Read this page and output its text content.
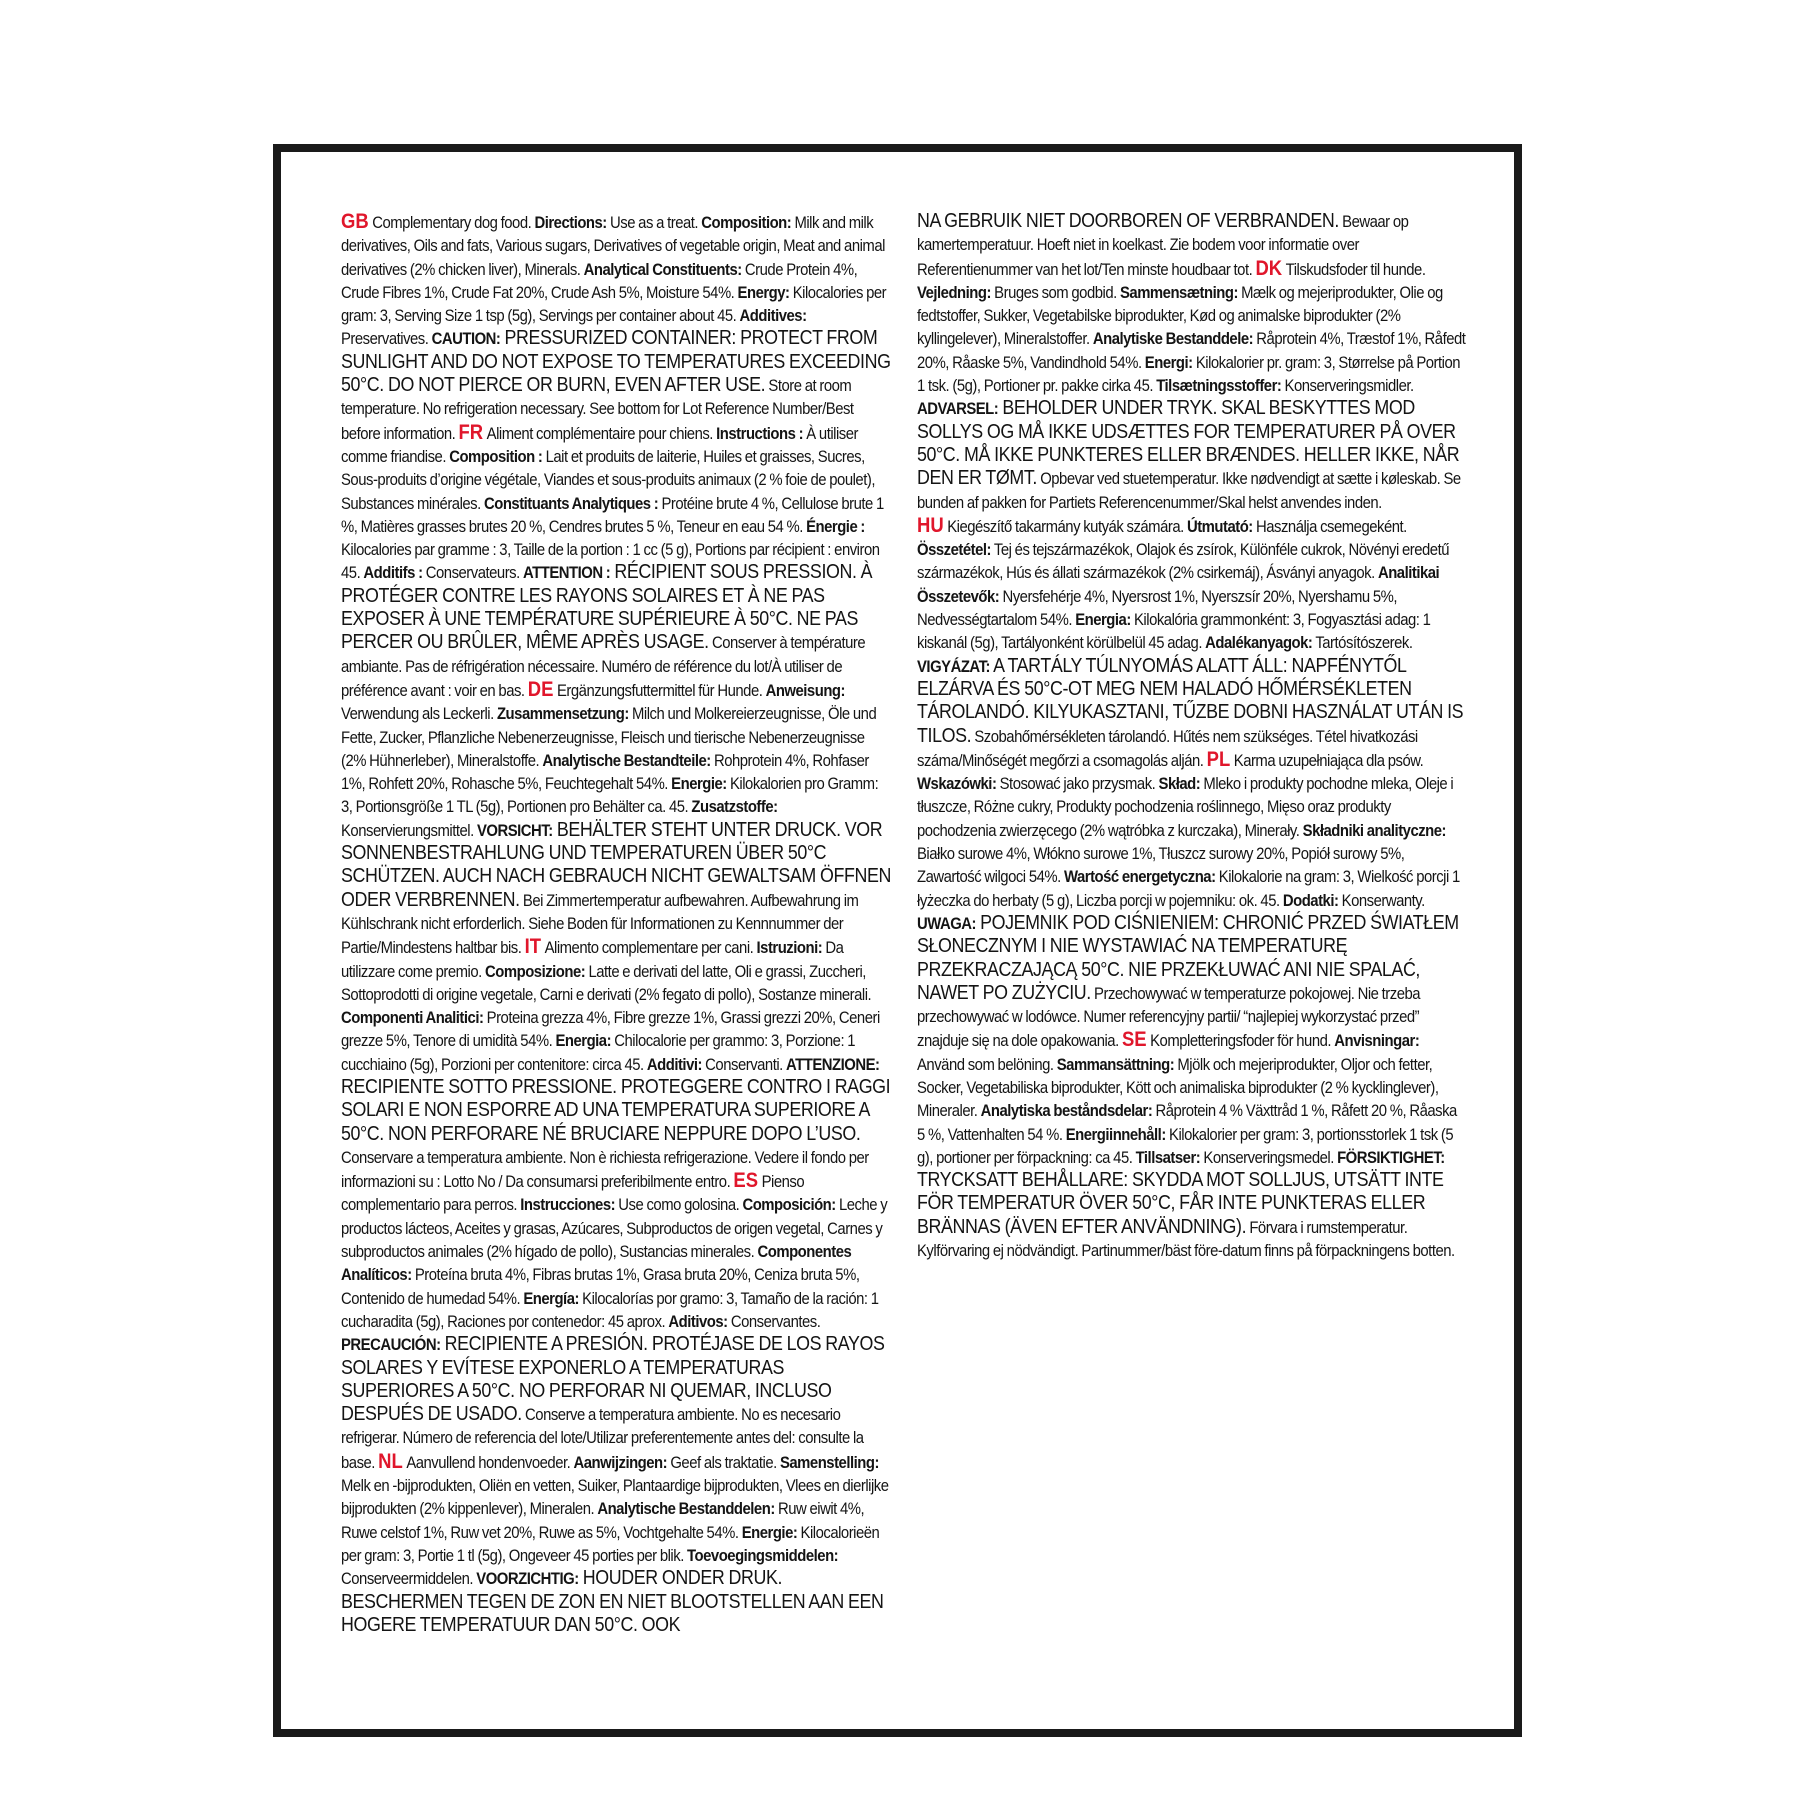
GB Complementary dog food. Directions: Use as a treat. Composition: Milk and milk derivatives, Oils and fats, Various sugars, Derivatives of vegetable origin, Meat and animal derivatives (2% chicken liver), Minerals. Analytical Constituents: Crude Protein 4%, Crude Fibres 1%, Crude Fat 20%, Crude Ash 5%, Moisture 54%. Energy: Kilocalories per gram: 3, Serving Size 1 tsp (5g), Servings per container about 45. Additives: Preservatives. CAUTION: PRESSURIZED CONTAINER: PROTECT FROM SUNLIGHT AND DO NOT EXPOSE TO TEMPERATURES EXCEEDING 50°C. DO NOT PIERCE OR BURN, EVEN AFTER USE. Store at room temperature. No refrigeration necessary. See bottom for Lot Reference Number/Best before information. FR Aliment complémentaire pour chiens. Instructions : À utiliser comme friandise. Composition : Lait et produits de laiterie, Huiles et graisses, Sucres, Sous-produits d’origine végétale, Viandes et sous-produits animaux (2 % foie de poulet), Substances minérales. Constituants Analytiques : Protéine brute 4 %, Cellulose brute 1 %, Matières grasses brutes 20 %, Cendres brutes 5 %, Teneur en eau 54 %. Énergie : Kilocalories par gramme : 3, Taille de la portion : 1 cc (5 g), Portions par récipient : environ 45. Additifs : Conservateurs. ATTENTION : RÉCIPIENT SOUS PRESSION. À PROTÉGER CONTRE LES RAYONS SOLAIRES ET À NE PAS EXPOSER À UNE TEMPÉRATURE SUPÉRIEURE À 50°C. NE PAS PERCER OU BRÛLER, MÊME APRÈS USAGE. Conserver à température ambiante. Pas de réfrigération nécessaire. Numéro de référence du lot/À utiliser de préférence avant : voir en bas. DE Ergänzungsfuttermittel für Hunde. Anweisung: Verwendung als Leckerli. Zusammensetzung: Milch und Molkereierzeugnisse, Öle und Fette, Zucker, Pflanzliche Nebenerzeugnisse, Fleisch und tierische Nebenerzeugnisse (2% Hühnerleber), Mineralstoffe. Analytische Bestandteile: Rohprotein 4%, Rohfaser 1%, Rohfett 20%, Rohasche 5%, Feuchtegehalt 54%. Energie: Kilokalorien pro Gramm: 3, Portionsgröße 1 TL (5g), Portionen pro Behälter ca. 45. Zusatzstoffe: Konservierungsmittel. VORSICHT: BEHÄLTER STEHT UNTER DRUCK. VOR SONNENBESTRAHLUNG UND TEMPERATUREN ÜBER 50°C SCHÜTZEN. AUCH NACH GEBRAUCH NICHT GEWALTSAM ÖFFNEN ODER VERBRENNEN. Bei Zimmertemperatur aufbewahren. Aufbewahrung im Kühlschrank nicht erforderlich. Siehe Boden für Informationen zu Kennnummer der Partie/Mindestens haltbar bis. IT Alimento complementare per cani. Istruzioni: Da utilizzare come premio. Composizione: Latte e derivati del latte, Oli e grassi, Zuccheri, Sottoprodotti di origine vegetale, Carni e derivati (2% fegato di pollo), Sostanze minerali. Componenti Analitici: Proteina grezza 4%, Fibre grezze 1%, Grassi grezzi 20%, Ceneri grezze 5%, Tenore di umidità 54%. Energia: Chilocalorie per grammo: 3, Porzione: 1 cucchiaino (5g), Porzioni per contenitore: circa 45. Additivi: Conservanti. ATTENZIONE: RECIPIENTE SOTTO PRESSIONE. PROTEGGERE CONTRO I RAGGI SOLARI E NON ESPORRE AD UNA TEMPERATURA SUPERIORE A 50°C. NON PERFORARE NÉ BRUCIARE NEPPURE DOPO L’USO. Conservare a temperatura ambiente. Non è richiesta refrigerazione. Vedere il fondo per informazioni su : Lotto No / Da consumarsi preferibilmente entro. ES Pienso complementario para perros. Instrucciones: Use como golosina. Composición: Leche y productos lácteos, Aceites y grasas, Azúcares, Subproductos de origen vegetal, Carnes y subproductos animales (2% hígado de pollo), Sustancias minerales. Componentes Analíticos: Proteína bruta 4%, Fibras brutas 1%, Grasa bruta 20%, Ceniza bruta 5%, Contenido de humedad 54%. Energía: Kilocalorías por gramo: 3, Tamaño de la ración: 1 cucharadita (5g), Raciones por contenedor: 45 aprox. Aditivos: Conservantes. PRECAUCIÓN: RECIPIENTE A PRESIÓN. PROTÉJASE DE LOS RAYOS SOLARES Y EVÍTESE EXPONERLO A TEMPERATURAS SUPERIORES A 50°C. NO PERFORAR NI QUEMAR, INCLUSO DESPUÉS DE USADO. Conserve a temperatura ambiente. No es necesario refrigerar. Número de referencia del lote/Utilizar preferentemente antes del: consulte la base. NL Aanvullend hondenvoeder. Aanwijzingen: Geef als traktatie. Samenstelling: Melk en -bijprodukten, Oliën en vetten, Suiker, Plantaardige bijprodukten, Vlees en dierlijke bijprodukten (2% kippenlever), Mineralen. Analytische Bestanddelen: Ruw eiwit 4%, Ruwe celstof 1%, Ruw vet 20%, Ruwe as 5%, Vochtgehalte 54%. Energie: Kilocalorieën per gram: 3, Portie 1 tl (5g), Ongeveer 45 porties per blik. Toevoegingsmiddelen: Conserveermiddelen. VOORZICHTIG: HOUDER ONDER DRUK. BESCHERMEN TEGEN DE ZON EN NIET BLOOTSTELLEN AAN EEN HOGERE TEMPERATUUR DAN 50°C. OOK
NA GEBRUIK NIET DOORBOREN OF VERBRANDEN. Bewaar op kamertemperatuur. Hoeft niet in koelkast. Zie bodem voor informatie over Referentienummer van het lot/Ten minste houdbaar tot. DK Tilskudsfoder til hunde. Vejledning: Bruges som godbid. Sammensætning: Mælk og mejeriprodukter, Olie og fedtstoffer, Sukker, Vegetabilske biprodukter, Kød og animalske biprodukter (2% kyllingelever), Mineralstoffer. Analytiske Bestanddele: Råprotein 4%, Træstof 1%, Råfedt 20%, Råaske 5%, Vandindhold 54%. Energi: Kilokalorier pr. gram: 3, Størrelse på Portion 1 tsk. (5g), Portioner pr. pakke cirka 45. Tilsætningsstoffer: Konserveringsmidler. ADVARSEL: BEHOLDER UNDER TRYK. SKAL BESKYTTES MOD SOLLYS OG MÅ IKKE UDSÆTTES FOR TEMPERATURER PÅ OVER 50°C. MÅ IKKE PUNKTERES ELLER BRÆNDES. HELLER IKKE, NÅR DEN ER TØMT. Opbevar ved stuetemperatur. Ikke nødvendigt at sætte i køleskab. Se bunden af pakken for Partiets Referencenummer/Skal helst anvendes inden. HU Kiegészítő takarmány kutyák számára. Útmutató: Használja csemegeként. Összetétel: Tej és tejszármazékok, Olajok és zsírok, Különféle cukrok, Növényi eredetű származékok, Hús és állati származékok (2% csirkemáj), Ásványi anyagok. Analitikai Összetevők: Nyersfehérje 4%, Nyersrost 1%, Nyerszsír 20%, Nyershamu 5%, Nedvességtartalom 54%. Energia: Kilokalória grammonként: 3, Fogyasztási adag: 1 kiskanál (5g), Tartályonként körülbelül 45 adag. Adalékanyagok: Tartósítószerek. VIGYÁZAT: A TARTÁLY TÚLNYOMÁS ALATT ÁLL: NAPFÉNYTŐL ELZÁRVA ÉS 50°C-OT MEG NEM HALADÓ HŐMÉRSÉKLETEN TÁROLANDÓ. KILYUKASZTANI, TŰZBE DOBNI HASZNÁLAT UTÁN IS TILOS. Szobahőmérsékleten tárolandó. Hűtés nem szükséges. Tétel hivatkozási száma/Minőségét megőrzi a csomagolás alján. PL Karma uzupełniająca dla psów. Wskazówki: Stosować jako przysmak. Skład: Mleko i produkty pochodne mleka, Oleje i tłuszcze, Różne cukry, Produkty pochodzenia roślinnego, Mięso oraz produkty pochodzenia zwierzęcego (2% wątróbka z kurczaka), Minerały. Składniki analityczne: Białko surowe 4%, Włókno surowe 1%, Tłuszcz surowy 20%, Popiół surowy 5%, Zawartość wilgoci 54%. Wartość energetyczna: Kilokalorie na gram: 3, Wielkość porcji 1 łyżeczka do herbaty (5 g), Liczba porcji w pojemniku: ok. 45. Dodatki: Konserwanty. UWAGA: POJEMNIK POD CIŚNIENIEM: CHRONIĆ PRZED ŚWIATŁEM SŁONECZNYM I NIE WYSTAWIAĆ NA TEMPERATURĘ PRZEKRACZAJĄCĄ 50°C. NIE PRZEKŁUWAĆ ANI NIE SPALAĆ, NAWET PO ZUŻYCIU. Przechowywać w temperaturze pokojowej. Nie trzeba przechowywać w lodówce. Numer referencyjny partii/ “najlepiej wykorzystać przed” znajduje się na dole opakowania. SE Kompletteringsfoder för hund. Anvisningar: Använd som belöning. Sammansättning: Mjölk och mejeriprodukter, Oljor och fetter, Socker, Vegetabiliska biprodukter, Kött och animaliska biprodukter (2 % kycklinglever), Mineraler. Analytiska beståndsdelar: Råprotein 4 % Växttråd 1 %, Råfett 20 %, Råaska 5 %, Vattenhalten 54 %. Energiinnehåll: Kilokalorier per gram: 3, portionsstorlek 1 tsk (5 g), portioner per förpackning: ca 45. Tillsatser: Konserveringsmedel. FÖRSIKTIGHET: TRYCKSATT BEHÅLLARE: SKYDDA MOT SOLLJUS, UTSÄTT INTE FÖR TEMPERATUR ÖVER 50°C, FÅR INTE PUNKTERAS ELLER BRÄNNAS (ÄVEN EFTER ANVÄNDNING). Förvara i rumstemperatur. Kylförvaring ej nödvändigt. Partinummer/bäst före-datum finns på förpackningens botten.
